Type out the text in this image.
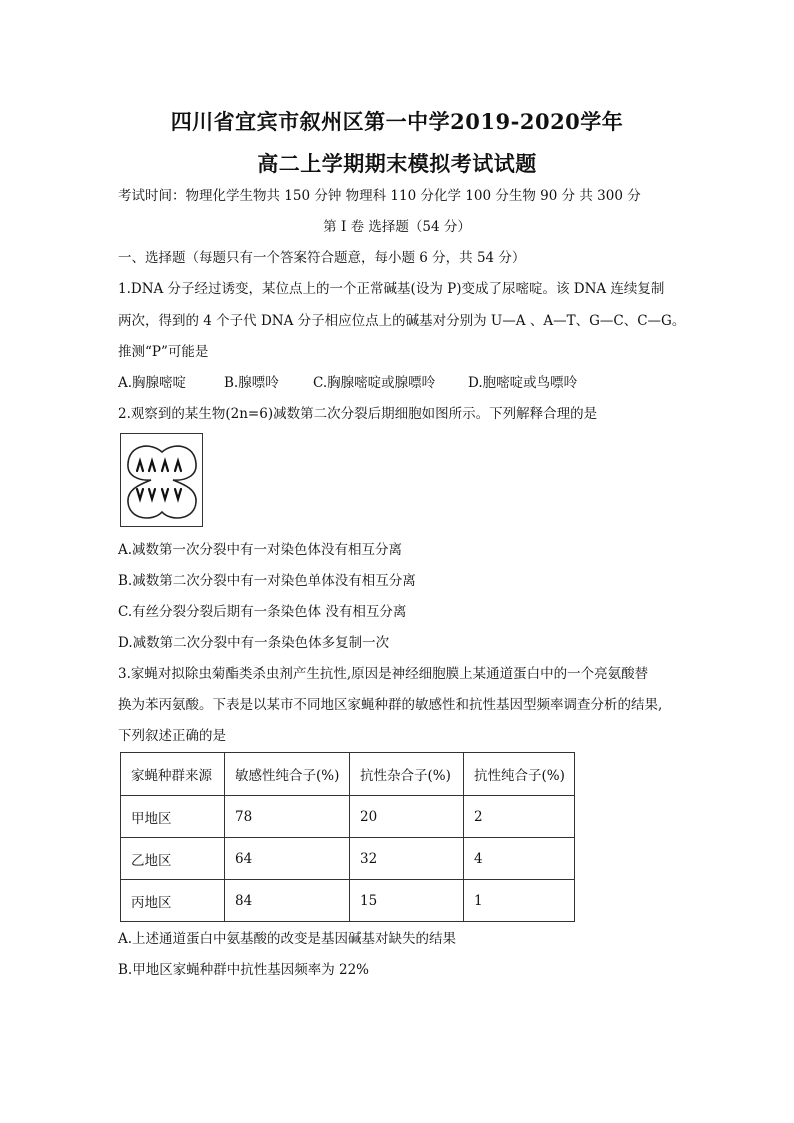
四川省宜宾市叙州区第一中学2019-2020学年
高二上学期期末模拟考试试题
考试时间：物理化学生物共 150 分钟 物理科 110 分化学 100 分生物 90 分 共 300 分
第 I 卷 选择题（54 分）
一、选择题（每题只有一个答案符合题意，每小题 6 分，共 54 分）
1.DNA 分子经过诱变，某位点上的一个正常碱基(设为 P)变成了尿嘧啶。该 DNA 连续复制
两次，得到的 4 个子代 DNA 分子相应位点上的碱基对分别为 U—A 、A—T、G—C、C—G。
推测“P”可能是
A.胸腺嘧啶	B.腺嘌呤	C.胸腺嘧啶或腺嘌呤 D.胞嘧啶或鸟嘌呤
2.观察到的某生物(2n=6)减数第二次分裂后期细胞如图所示。下列解释合理的是
A.减数第一次分裂中有一对染色体没有相互分离
B.减数第二次分裂中有一对染色单体没有相互分离
C.有丝分裂分裂后期有一条染色体 没有相互分离
D.减数第二次分裂中有一条染色体多复制一次
3.家蝇对拟除虫菊酯类杀虫剂产生抗性,原因是神经细胞膜上某通道蛋白中的一个亮氨酸替
换为苯丙氨酸。下表是以某市不同地区家蝇种群的敏感性和抗性基因型频率调查分析的结果,
下列叙述正确的是
家蝇种群来源	敏感性纯合子(%)	抗性杂合子(%)	抗性纯合子(%)
甲地区	78	20	2
乙地区	64	32	4
丙地区	84	15	1
A.上述通道蛋白中氨基酸的改变是基因碱基对缺失的结果
B.甲地区家蝇种群中抗性基因频率为 22%
